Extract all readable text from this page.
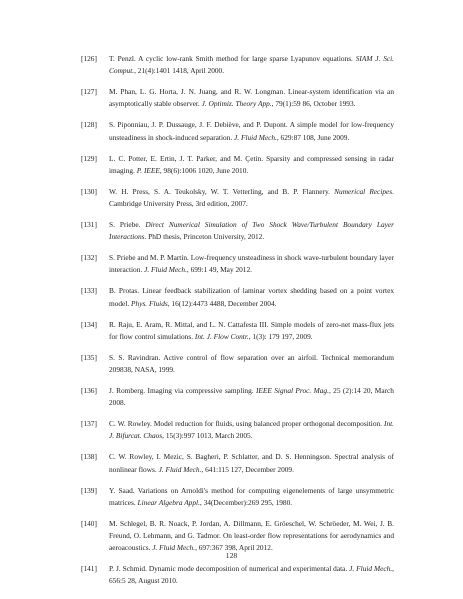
[126] T. Penzl. A cyclic low-rank Smith method for large sparse Lyapunov equations. SIAM J. Sci. Comput., 21(4):1401 1418, April 2000.
[127] M. Phan, L. G. Horta, J. N. Juang, and R. W. Longman. Linear-system identification via an asymptotically stable observer. J. Optimiz. Theory App., 79(1):59 86, October 1993.
[128] S. Piponniau, J. P. Dussauge, J. F. Debiève, and P. Dupont. A simple model for low-frequency unsteadiness in shock-induced separation. J. Fluid Mech., 629:87 108, June 2009.
[129] L. C. Potter, E. Ertin, J. T. Parker, and M. Çetin. Sparsity and compressed sensing in radar imaging. P. IEEE, 98(6):1006 1020, June 2010.
[130] W. H. Press, S. A. Teukolsky, W. T. Vetterling, and B. P. Flannery. Numerical Recipes. Cambridge University Press, 3rd edition, 2007.
[131] S. Priebe. Direct Numerical Simulation of Two Shock Wave/Turbulent Boundary Layer Interactions. PhD thesis, Princeton University, 2012.
[132] S. Priebe and M. P. Martín. Low-frequency unsteadiness in shock wave-turbulent boundary layer interaction. J. Fluid Mech., 699:1 49, May 2012.
[133] B. Protas. Linear feedback stabilization of laminar vortex shedding based on a point vortex model. Phys. Fluids, 16(12):4473 4488, December 2004.
[134] R. Raju, E. Aram, R. Mittal, and L. N. Cattafesta III. Simple models of zero-net mass-flux jets for flow control simulations. Int. J. Flow Contr., 1(3): 179 197, 2009.
[135] S. S. Ravindran. Active control of flow separation over an airfoil. Technical memorandum 209838, NASA, 1999.
[136] J. Romberg. Imaging via compressive sampling. IEEE Signal Proc. Mag., 25 (2):14 20, March 2008.
[137] C. W. Rowley. Model reduction for fluids, using balanced proper orthogonal decomposition. Int. J. Bifurcat. Chaos, 15(3):997 1013, March 2005.
[138] C. W. Rowley, I. Mezic, S. Bagheri, P. Schlatter, and D. S. Henningson. Spectral analysis of nonlinear flows. J. Fluid Mech., 641:115 127, December 2009.
[139] Y. Saad. Variations on Arnoldi's method for computing eigenelements of large unsymmetric matrices. Linear Algebra Appl., 34(December):269 295, 1980.
[140] M. Schlegel, B. R. Noack, P. Jordan, A. Dillmann, E. Gröeschel, W. Schröeder, M. Wei, J. B. Freund, O. Lehmann, and G. Tadmor. On least-order flow representations for aerodynamics and aeroacoustics. J. Fluid Mech., 697:367 398, April 2012.
[141] P. J. Schmid. Dynamic mode decomposition of numerical and experimental data. J. Fluid Mech., 656:5 28, August 2010.
128
